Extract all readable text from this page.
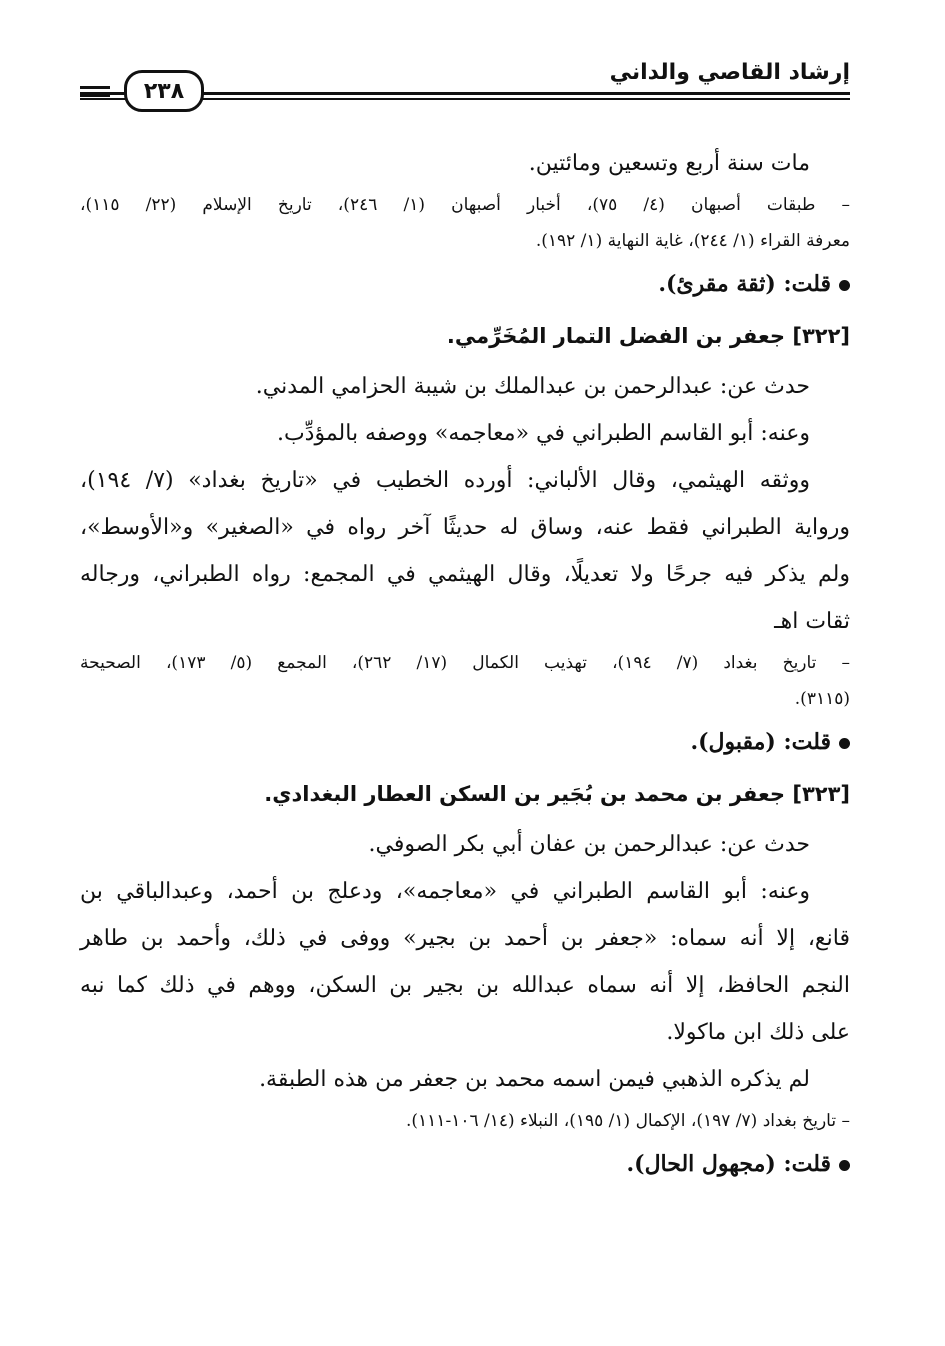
إرشاد القاصي والداني
٢٣٨

مات سنة أربع وتسعين ومائتين.

– طبقات أصبهان (٤/ ٧٥)، أخبار أصبهان (١/ ٢٤٦)، تاريخ الإسلام (٢٢/ ١١٥)،

معرفة القراء (١/ ٢٤٤)، غاية النهاية (١/ ١٩٢).

قلت: (ثقة مقرئ).

[٣٢٢] جعفر بن الفضل التمار المُخَرِّمي.

حدث عن: عبدالرحمن بن عبدالملك بن شيبة الحزامي المدني.

وعنه: أبو القاسم الطبراني في «معاجمه» ووصفه بالمؤدِّب.

ووثقه الهيثمي، وقال الألباني: أورده الخطيب في «تاريخ بغداد» (٧/ ١٩٤)،

ورواية الطبراني فقط عنه، وساق له حديثًا آخر رواه في «الصغير» و«الأوسط»،

ولم يذكر فيه جرحًا ولا تعديلًا، وقال الهيثمي في المجمع: رواه الطبراني، ورجاله

ثقات اهـ

– تاريخ بغداد (٧/ ١٩٤)، تهذيب الكمال (١٧/ ٢٦٢)، المجمع (٥/ ١٧٣)، الصحيحة

(٣١١٥).

قلت: (مقبول).

[٣٢٣] جعفر بن محمد بن بُجَير بن السكن العطار البغدادي.

حدث عن: عبدالرحمن بن عفان أبي بكر الصوفي.

وعنه: أبو القاسم الطبراني في «معاجمه»، ودعلج بن أحمد، وعبدالباقي بن

قانع، إلا أنه سماه: «جعفر بن أحمد بن بجير» ووفى في ذلك، وأحمد بن طاهر

النجم الحافظ، إلا أنه سماه عبدالله بن بجير بن السكن، ووهم في ذلك كما نبه

على ذلك ابن ماكولا.

لم يذكره الذهبي فيمن اسمه محمد بن جعفر من هذه الطبقة.

– تاريخ بغداد (٧/ ١٩٧)، الإكمال (١/ ١٩٥)، النبلاء (١٤/ ١٠٦-١١١).

قلت: (مجهول الحال).
